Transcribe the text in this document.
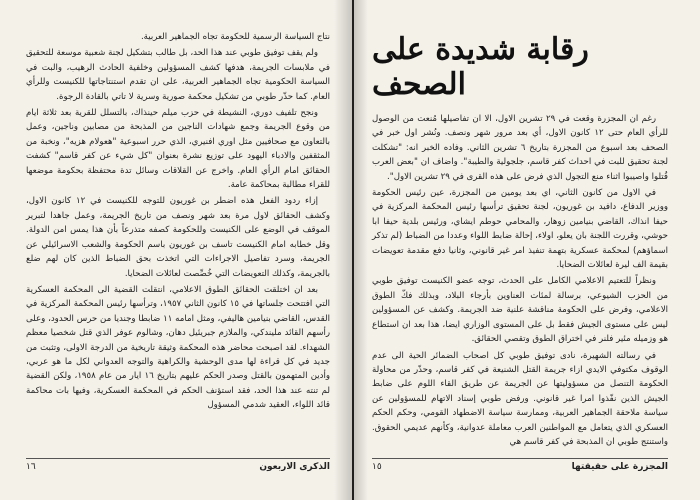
نتاج السياسة الرسمية للحكومة تجاه الجماهير العربية.

ولم يقف توفيق طوبي عند هذا الحد، بل طالب بتشكيل لجنة شعبية موسعة للتحقيق في ملابسات الجريمة، هدفها كشف المسؤولين وخلفية الحادث الرهيب، والبت في السياسة الحكومية تجاه الجماهير العربية، على ان تقدم استنتاجاتها للكنيست وللرأي العام. كما حذّر طوبي من تشكيل محكمة صورية وسرية لا تاتي بالقادة الرجوة.

ونجح تلفيف دوري، النشيطة في حزب ميلم حينذاك، بالتسلل للقرية بعد ثلاثة ايام من وقوع الجريمة وجمع شهادات الناجين من المذبحة من مصابين وناجين، وعمل بالتعاون مع صحافيين مثل اوري افنيري، الذي حرر اسبوعية "هعولام هزيه"، ونخبة من المثقفين والادباء اليهود على توزيع نشرة بعنوان "كل شيء عن كفر قاسم" كشفت الحقائق امام الرأي العام. واخرج عن القلاقات وسائل تدة محتفظة بحكومة موضعها للقراء مطالبة بمحاكمة عامة.

إزاء ردود الفعل هذه اضطر بن غوريون للتوجه للكنيست في ١٢ كانون الاول، وكشف الحقائق لاول مرة بعد شهر ونصف من تاريخ الجريمة، وعمل جاهدا لتبرير الموقف في الوضع على الكنيست وللحكومة كصفه متذرعاً بأن هذا يمس امن الدولة. وقل خطابه امام الكنيست تاسف بن غوريون باسم الحكومة والشعب الاسرائيلي عن الجريمة، وسرد تفاصيل الاجراءات التي اتخذت بحق الضباط الذين كان لهم ضلع بالجريمة، وكذلك التعويضات التي خُصِّصت لعائلات الضحايا.

بعد ان اختلقت الحقائق الطوق الاعلامي، انتقلت القضية الى المحكمة العسكرية التي افتتحت جلساتها في ١٥ كانون الثاني ١٩٥٧، وترأسها رئيس المحكمة المركزية في القدس، القاضي بنيامين هاليفي، ومثل امامه ١١ ضابطا وجنديا من حرس الحدود، وعلى رأسهم القائد مليندكي، والملازم جبريئيل دهان، وشالوم عوفر الذي قتل شخصيا معظم الشهداء. لقد اصبحت محاضر هذه المحكمة وثيقة تاريخية من الدرجة الاولى، وتثبت من جديد في كل قراءة لها مدى الوحشية والكراهية والتوجه العدواني لكل ما هو عربي، وأدين المتهمون بالقتل وصدر الحكم عليهم بتاريخ ١٦ ايار من عام ١٩٥٨، ولكن القضية لم تنته عند هذا الحد، فقد استؤنف الحكم في المحكمة العسكرية، وفيها بات محاكمة قائد اللواء، العقيد شدمي المسؤول

الذكرى الاربعون
١٦
رقابة شديدة على الصحف

رغم ان المجزرة وقعت في ٢٩ تشرين الاول، الا ان تفاصيلها مُنعت من الوصول للرأي العام حتى ١٢ كانون الاول، أي بعد مرور شهر ونصف. ونُشر اول خبر في الصحف بعد اسبوع من المجزرة بتاريخ ٦ تشرين الثاني. وفاده الخبر انه: "تشكلت لجنة تحقيق للبت في احداث كفر قاسم، جلجولية والطيبة". واضاف ان "بعض العرب قُتلوا واصيبوا اثناء منع التجول الذي فرض على هذه القرى في ٢٩ تشرين الاول".

في الاول من كانون الثاني، اي بعد يومين من المجزرة، عين رئيس الحكومة ووزير الدفاع، دافيد بن غوريون، لجنة تحقيق ترأسها رئيس المحكمة المركزية في حيفا انذاك، القاضي بنيامين زوهار، والمحامي حوطم ايشاي، ورئيس بلدية حيفا ابا حوشي، وقررت اللجنة بان يعلو، اولاء، إحالة ضابط اللواء وعددا من الضباط (لم تذكر اسماؤهم) لمحكمة عسكرية بتهمة تنفيذ امر غير قانوني، وثانيا دفع مقدمة تعويضات بقيمة الف ليرة لعائلات الضحايا.

ونظراً للتعتيم الاعلامي الكامل على الحدث، توجه عضو الكنيست توفيق طوبي من الحزب الشيوعي، برسالة لمئات العناوين بأرجاء البلاد، وبذلك فكّ الطوق الاعلامي، وفرض على الحكومة مناقشة علنية ضد الجريمة. وكشف عن المسؤولين ليس على مستوى الجيش فقط بل على المستوى الوزاري ايضا، هذا بعد ان استطاع هو وزميله مئير فلنر في اختراق الطوق وتقصي الحقائق.

في رسالته الشهيرة، نادى توفيق طوبي كل اصحاب الضمائر الحية الى عدم الوقوف مكتوفي الايدي ازاء جريمة القتل الشنيعة في كفر قاسم، وحذّر من محاولة الحكومة التنصل من مسؤوليتها عن الجريمة عن طريق القاء اللوم على ضابط الجيش الذين نفّذوا امرا غير قانوني. ورفض طوبي إسناد الاتهام للمسؤولين عن سياسة ملاحقة الجماهير العربية، وممارسة سياسة الاضطهاد القومي، وحكم الحكم العسكري الذي يتعامل مع المواطنين العرب معاملة عدوانية، وكأنهم عديمي الحقوق. واستنتج طوبي ان المذبحة في كفر قاسم هي

المجزرة على حقيقتها
١٥
